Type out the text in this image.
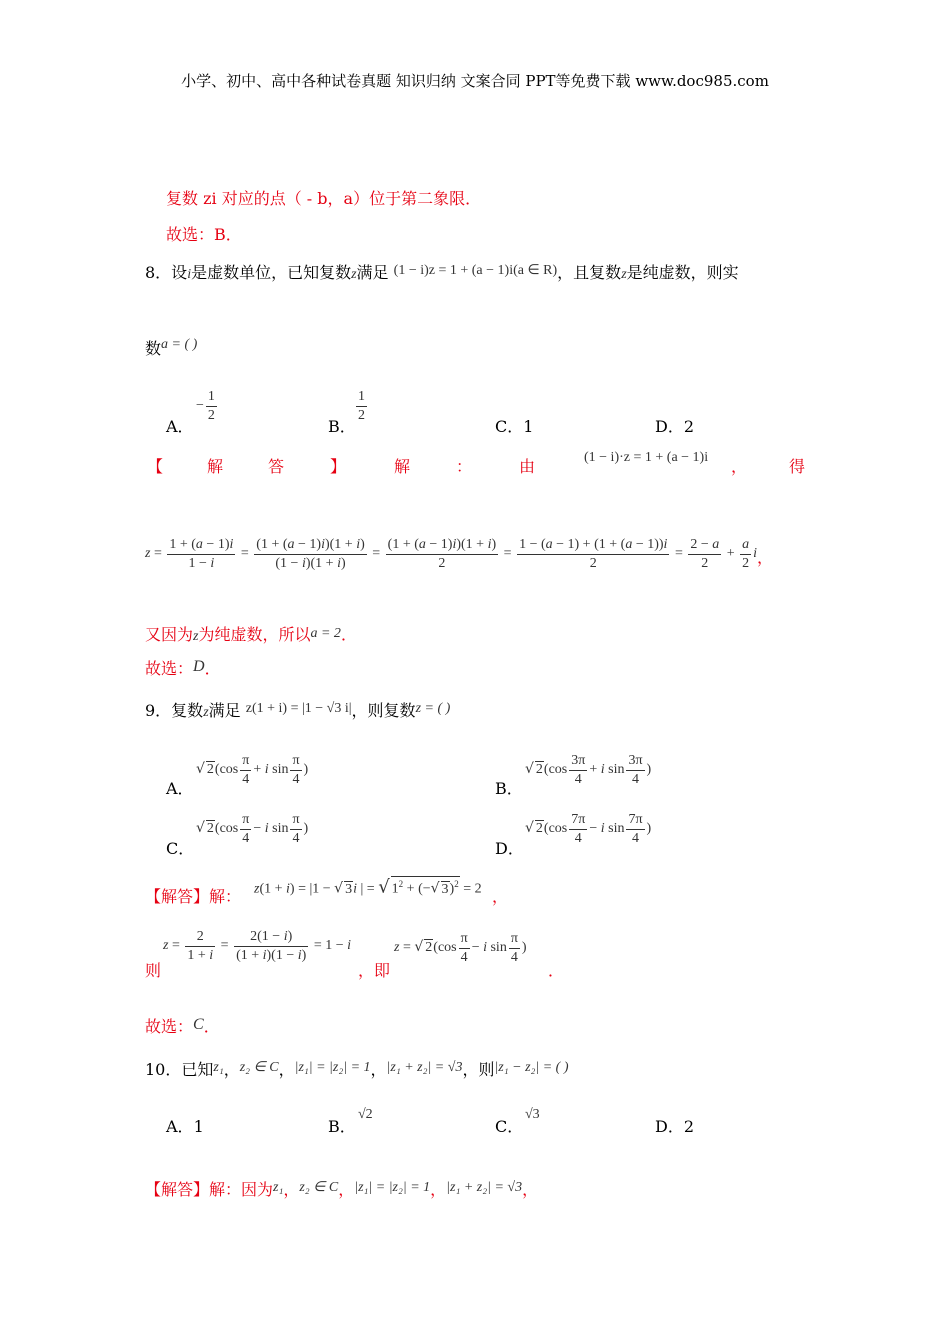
小学、初中、高中各种试卷真题 知识归纳 文案合同 PPT等免费下载 www.doc985.com
复数 zi 对应的点（ - b，a）位于第二象限．
故选：B．
8．设i是虚数单位，已知复数z满足 (1 − i)z = 1 + (a − 1)i(a ∈ R)，且复数z是纯虚数，则实
数a = ( )
A．
− $\frac{1}{2}$
B．
$\frac{1}{2}$
C．1	D．2
【	解	答	】	解	：	由	(1 − i)·z = 1 + (a − 1)i ，	得
$z = \frac{1 + (a - 1)i}{1 - i} = \frac{(1 + (a - 1)i)(1 + i)}{(1 - i)(1 + i)} = \frac{(1 + (a - 1)i)(1 + i)}{2} = \frac{1 - (a - 1) + (1 + (a - 1))i}{2} = \frac{2 - a}{2} + \frac{a}{2}$ i，
又因为z为纯虚数，所以a = 2．
故选：D．
9．复数z满足 z(1 + i) = |1 − √3 i|，则复数z = ( )
A．
√ $2(\cos \frac{\pi}{4} + i$ $\sin \frac{\pi}{4}$ )
B．
√ $2(\cos \frac{3\pi}{4} + i$ $\sin \frac{3\pi}{4}$ )
C．
√ $2(\cos \frac{\pi}{4} - i$ $\sin \frac{\pi}{4}$ )
D．
√ $2(\cos \frac{7\pi}{4} - i$ $\sin \frac{7\pi}{4}$ )
【解答】解： z(1 + i) = |1 − √ 3i | = √ $1^2$ + (−√ 3)$^2$ = 2 ，
则
$z = \frac{2}{1 + i} = \frac{2(1 - i)}{(1 + i)(1 - i)} = 1 - i$
，即
z = √ $2(\cos \frac{\pi}{4} - i$ $\sin \frac{\pi}{4}$ )
．
故选：C．
10．已知z₁，z₂ ∈ C，|z₁| = |z₂| = 1，|z₁ + z₂| = √3，则|z₁ − z₂| = ( )
A．1	B．
√2
C．
√3
D．2
【解答】解：因为z₁，z₂ ∈ C，|z₁| = |z₂| = 1，|z₁ + z₂| = √3，
